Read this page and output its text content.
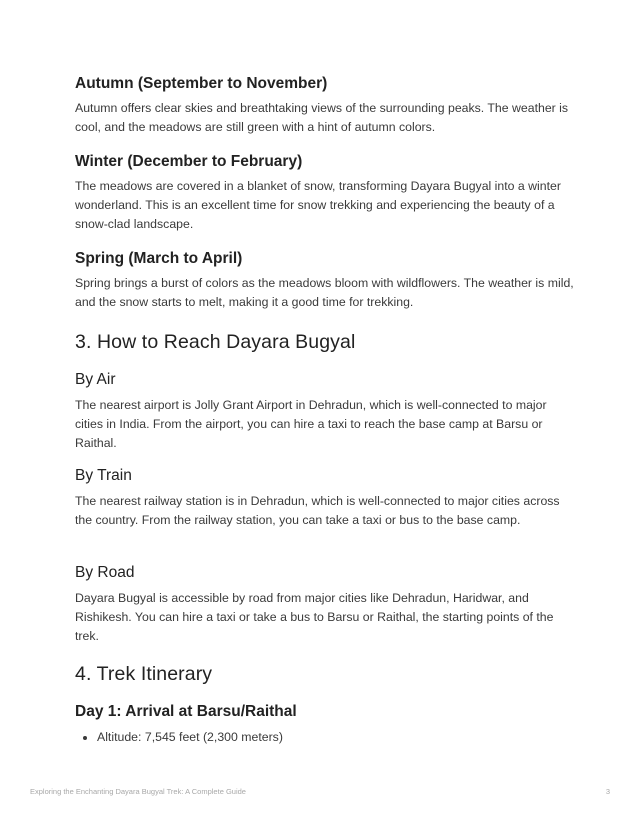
Autumn (September to November)
Autumn offers clear skies and breathtaking views of the surrounding peaks. The weather is cool, and the meadows are still green with a hint of autumn colors.
Winter (December to February)
The meadows are covered in a blanket of snow, transforming Dayara Bugyal into a winter wonderland. This is an excellent time for snow trekking and experiencing the beauty of a snow-clad landscape.
Spring (March to April)
Spring brings a burst of colors as the meadows bloom with wildflowers. The weather is mild, and the snow starts to melt, making it a good time for trekking.
3. How to Reach Dayara Bugyal
By Air
The nearest airport is Jolly Grant Airport in Dehradun, which is well-connected to major cities in India. From the airport, you can hire a taxi to reach the base camp at Barsu or Raithal.
By Train
The nearest railway station is in Dehradun, which is well-connected to major cities across the country. From the railway station, you can take a taxi or bus to the base camp.
By Road
Dayara Bugyal is accessible by road from major cities like Dehradun, Haridwar, and Rishikesh. You can hire a taxi or take a bus to Barsu or Raithal, the starting points of the trek.
4. Trek Itinerary
Day 1: Arrival at Barsu/Raithal
• Altitude: 7,545 feet (2,300 meters)
Exploring the Enchanting Dayara Bugyal Trek: A Complete Guide	3
